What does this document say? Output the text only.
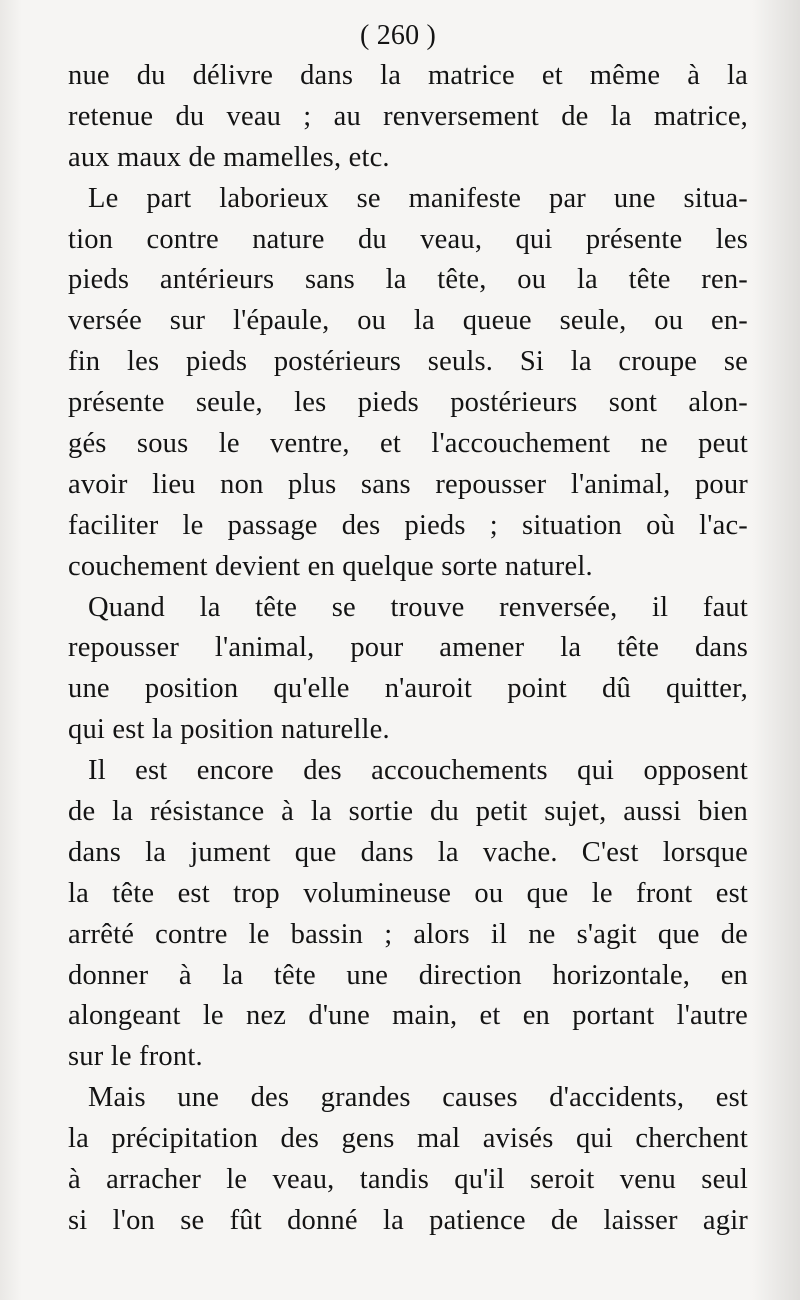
( 260 )
nue du délivre dans la matrice et même à la
retenue du veau ; au renversement de la matrice,
aux maux de mamelles, etc.
Le part laborieux se manifeste par une situa-
tion contre nature du veau, qui présente les
pieds antérieurs sans la tête, ou la tête ren-
versée sur l'épaule, ou la queue seule, ou en-
fin les pieds postérieurs seuls. Si la croupe se
présente seule, les pieds postérieurs sont alon-
gés sous le ventre, et l'accouchement ne peut
avoir lieu non plus sans repousser l'animal, pour
faciliter le passage des pieds ; situation où l'ac-
couchement devient en quelque sorte naturel.
Quand la tête se trouve renversée, il faut
repousser l'animal, pour amener la tête dans
une position qu'elle n'auroit point dû quitter,
qui est la position naturelle.
Il est encore des accouchements qui opposent
de la résistance à la sortie du petit sujet, aussi bien
dans la jument que dans la vache. C'est lorsque
la tête est trop volumineuse ou que le front est
arrêté contre le bassin ; alors il ne s'agit que de
donner à la tête une direction horizontale, en
alongeant le nez d'une main, et en portant l'autre
sur le front.
Mais une des grandes causes d'accidents, est
la précipitation des gens mal avisés qui cherchent
à arracher le veau, tandis qu'il seroit venu seul
si l'on se fût donné la patience de laisser agir
